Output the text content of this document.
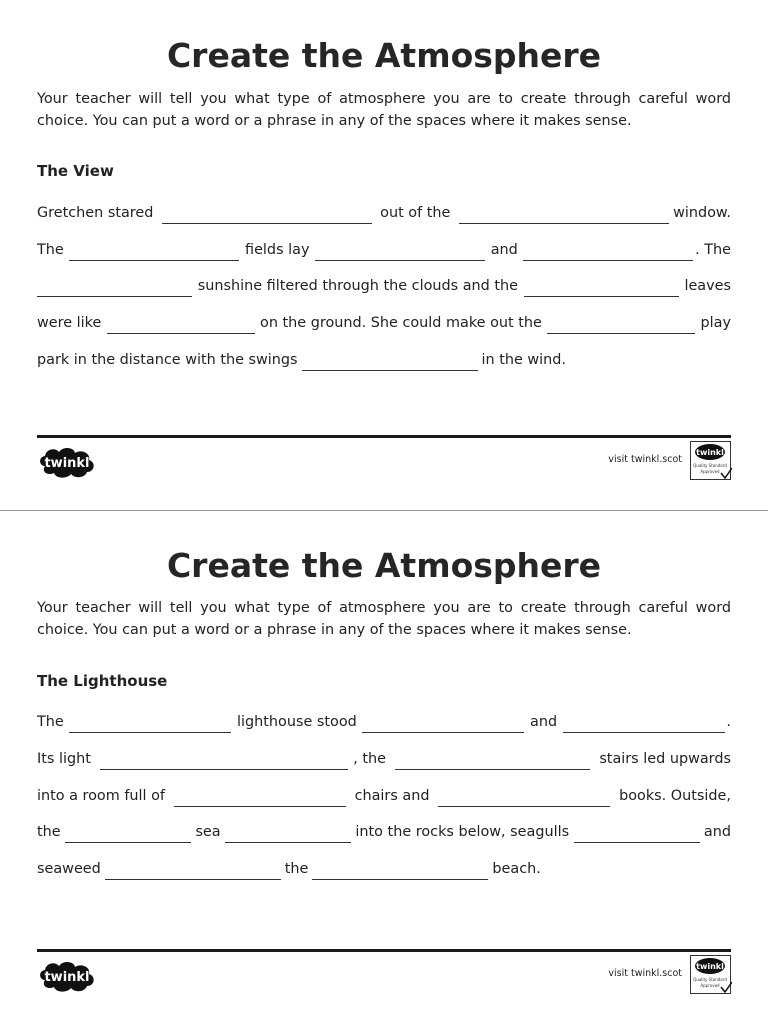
Create the Atmosphere

Your teacher will tell you what type of atmosphere you are to create through careful word choice. You can put a word or a phrase in any of the spaces where it makes sense.

The View
Gretchen stared	out of the	window.
The	fields lay	and	. The
sunshine filtered through the clouds and the	leaves
were like	on the ground. She could make out the	play
park in the distance with the swings	in the wind.
twinkl	visit twinkl.scot
twinkl
Quality Standard
Approved
Create the Atmosphere

Your teacher will tell you what type of atmosphere you are to create through careful word choice. You can put a word or a phrase in any of the spaces where it makes sense.

The Lighthouse
The	lighthouse stood	and	.
Its light	, the	stairs led upwards
into a room full of	chairs and	books. Outside,
the	sea	into the rocks below, seagulls	and
seaweed	the	beach.
twinkl	visit twinkl.scot
twinkl
Quality Standard
Approved
